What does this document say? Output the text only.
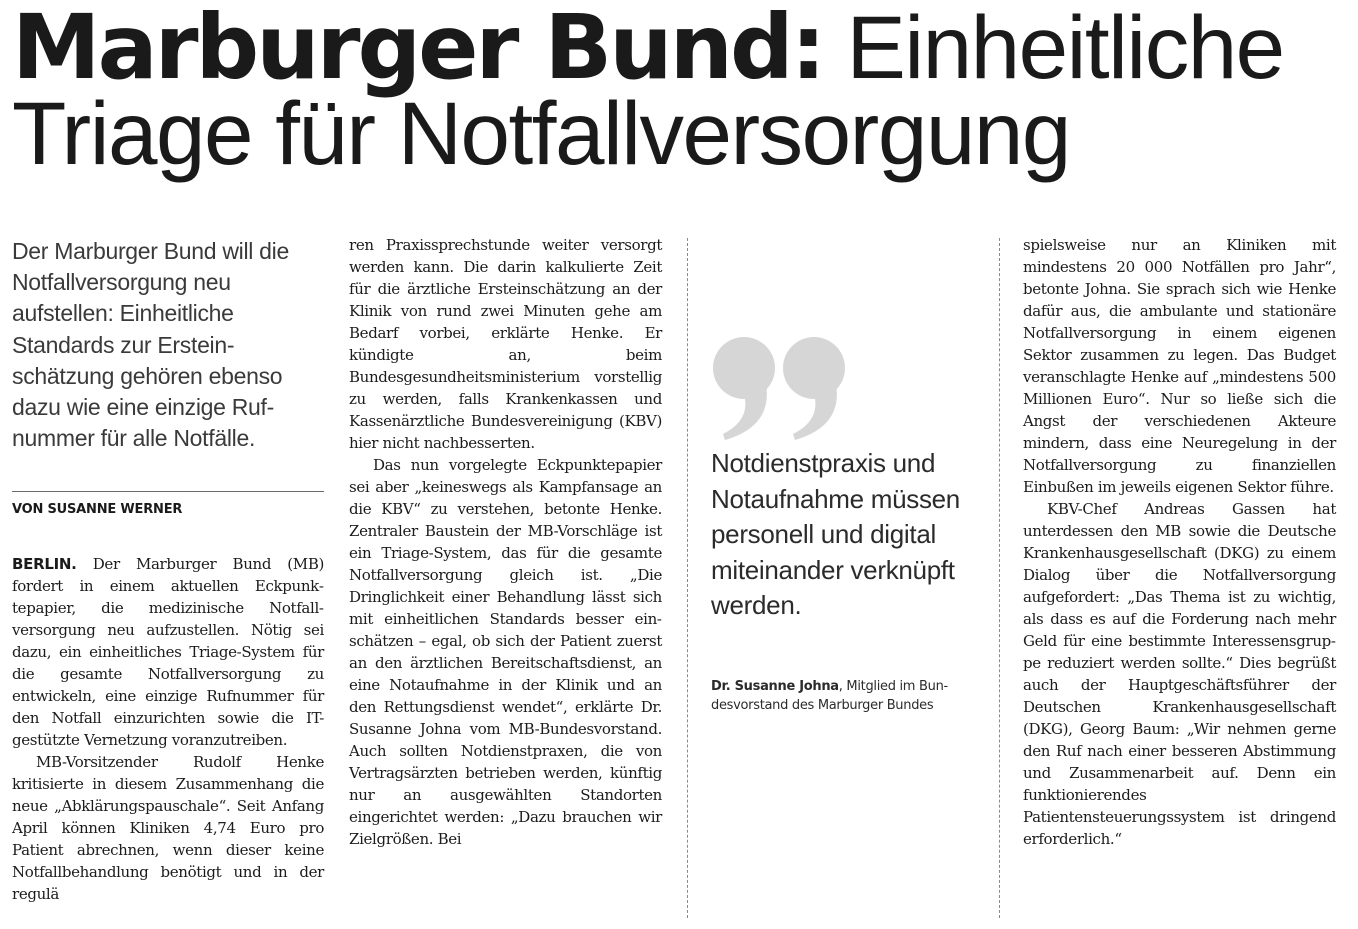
Marburger Bund: Einheitliche Triage für Notfallversorgung

Der Marburger Bund will die Notfallversorgung neu aufstellen: Einheitliche Standards zur Ersteinschätzung gehören ebenso dazu wie eine einzige Rufnummer für alle Notfälle.

VON SUSANNE WERNER

BERLIN. Der Marburger Bund (MB) fordert in einem aktuellen Eckpunktepapier, die medizinische Notfallversorgung neu aufzustellen. Nötig sei dazu, ein einheitliches Triage-System für die gesamte Notfallversorgung zu entwickeln, eine einzige Rufnummer für den Notfall einzurichten sowie die IT-gestützte Vernetzung voranzutreiben.

MB-Vorsitzender Rudolf Henke kritisierte in diesem Zusammenhang die neue „Abklärungspauschale“. Seit Anfang April können Kliniken 4,74 Euro pro Patient abrechnen, wenn dieser keine Notfallbehandlung benötigt und in der regulä

ren Praxissprechstunde weiter versorgt werden kann. Die darin kalkulierte Zeit für die ärztliche Ersteinschätzung an der Klinik von rund zwei Minuten gehe am Bedarf vorbei, erklärte Henke. Er kündigte an, beim Bundesgesundheitsministerium vorstellig zu werden, falls Krankenkassen und Kassenärztliche Bundesvereinigung (KBV) hier nicht nachbesserten.

Das nun vorgelegte Eckpunktepapier sei aber „keineswegs als Kampfansage an die KBV“ zu verstehen, betonte Henke. Zentraler Baustein der MB-Vorschläge ist ein Triage-System, das für die gesamte Notfallversorgung gleich ist. „Die Dringlichkeit einer Behandlung lässt sich mit einheitlichen Standards besser einschätzen – egal, ob sich der Patient zuerst an den ärztlichen Bereitschaftsdienst, an eine Notaufnahme in der Klinik und an den Rettungsdienst wendet“, erklärte Dr. Susanne Johna vom MB-Bundesvorstand. Auch sollten Notdienstpraxen, die von Vertragsärzten betrieben werden, künftig nur an ausgewählten Standorten eingerichtet werden: „Dazu brauchen wir Zielgrößen. Bei

Notdienstpraxis und Notaufnahme müssen personell und digital miteinander verknüpft werden.

Dr. Susanne Johna, Mitglied im Bundesvorstand des Marburger Bundes

spielsweise nur an Kliniken mit mindestens 20 000 Notfällen pro Jahr“, betonte Johna. Sie sprach sich wie Henke dafür aus, die ambulante und stationäre Notfallversorgung in einem eigenen Sektor zusammen zu legen. Das Budget veranschlagte Henke auf „mindestens 500 Millionen Euro“. Nur so ließe sich die Angst der verschiedenen Akteure mindern, dass eine Neuregelung in der Notfallversorgung zu finanziellen Einbußen im jeweils eigenen Sektor führe.

KBV-Chef Andreas Gassen hat unterdessen den MB sowie die Deutsche Krankenhausgesellschaft (DKG) zu einem Dialog über die Notfallversorgung aufgefordert: „Das Thema ist zu wichtig, als dass es auf die Forderung nach mehr Geld für eine bestimmte Interessensgruppe reduziert werden sollte.“ Dies begrüßt auch der Hauptgeschäftsführer der Deutschen Krankenhausgesellschaft (DKG), Georg Baum: „Wir nehmen gerne den Ruf nach einer besseren Abstimmung und Zusammenarbeit auf. Denn ein funktionierendes Patientensteuerungssystem ist dringend erforderlich.“
